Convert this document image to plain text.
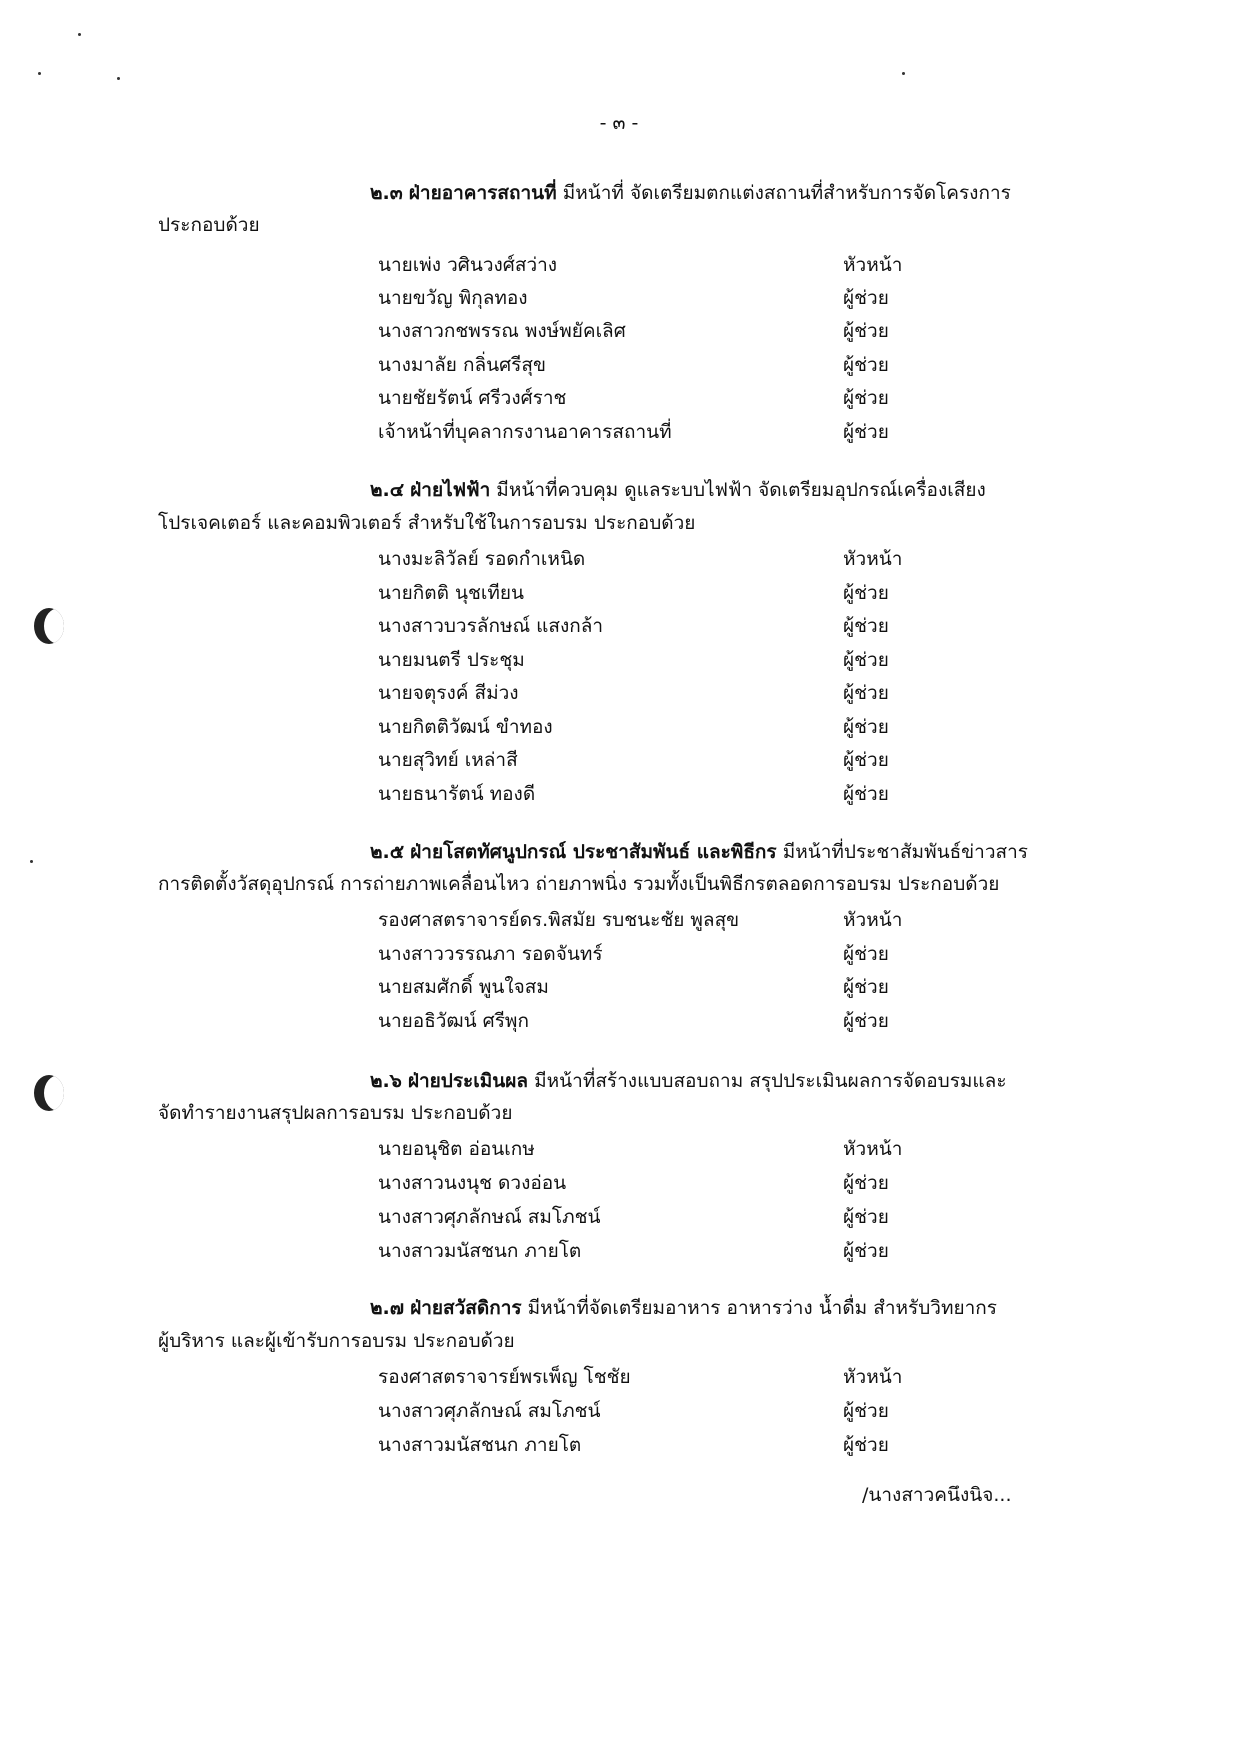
- ๓ -
๒.๓ ฝ่ายอาคารสถานที่ มีหน้าที่ จัดเตรียมตกแต่งสถานที่สำหรับการจัดโครงการ
ประกอบด้วย
นายเพ่ง วศินวงศ์สว่าง	หัวหน้า
นายขวัญ พิกุลทอง	ผู้ช่วย
นางสาวกชพรรณ พงษ์พยัคเลิศ	ผู้ช่วย
นางมาลัย กลิ่นศรีสุข	ผู้ช่วย
นายชัยรัตน์ ศรีวงศ์ราช	ผู้ช่วย
เจ้าหน้าที่บุคลากรงานอาคารสถานที่	ผู้ช่วย
๒.๔ ฝ่ายไฟฟ้า มีหน้าที่ควบคุม ดูแลระบบไฟฟ้า จัดเตรียมอุปกรณ์เครื่องเสียง
โปรเจคเตอร์ และคอมพิวเตอร์ สำหรับใช้ในการอบรม ประกอบด้วย
นางมะลิวัลย์ รอดกำเหนิด	หัวหน้า
นายกิตติ นุชเทียน	ผู้ช่วย
นางสาวบวรลักษณ์ แสงกล้า	ผู้ช่วย
นายมนตรี ประชุม	ผู้ช่วย
นายจตุรงค์ สีม่วง	ผู้ช่วย
นายกิตติวัฒน์ ขำทอง	ผู้ช่วย
นายสุวิทย์ เหล่าสี	ผู้ช่วย
นายธนารัตน์ ทองดี	ผู้ช่วย
๒.๕ ฝ่ายโสตทัศนูปกรณ์ ประชาสัมพันธ์ และพิธีกร มีหน้าที่ประชาสัมพันธ์ข่าวสาร
การติดตั้งวัสดุอุปกรณ์ การถ่ายภาพเคลื่อนไหว ถ่ายภาพนิ่ง รวมทั้งเป็นพิธีกรตลอดการอบรม ประกอบด้วย
รองศาสตราจารย์ดร.พิสมัย รบชนะชัย พูลสุข	หัวหน้า
นางสาววรรณภา รอดจันทร์	ผู้ช่วย
นายสมศักดิ์ พูนใจสม	ผู้ช่วย
นายอธิวัฒน์ ศรีพุก	ผู้ช่วย
๒.๖ ฝ่ายประเมินผล มีหน้าที่สร้างแบบสอบถาม สรุปประเมินผลการจัดอบรมและ
จัดทำรายงานสรุปผลการอบรม ประกอบด้วย
นายอนุชิต อ่อนเกษ	หัวหน้า
นางสาวนงนุช ดวงอ่อน	ผู้ช่วย
นางสาวศุภลักษณ์ สมโภชน์	ผู้ช่วย
นางสาวมนัสชนก ภายโต	ผู้ช่วย
๒.๗ ฝ่ายสวัสดิการ มีหน้าที่จัดเตรียมอาหาร อาหารว่าง น้ำดื่ม สำหรับวิทยากร
ผู้บริหาร และผู้เข้ารับการอบรม ประกอบด้วย
รองศาสตราจารย์พรเพ็ญ โชชัย	หัวหน้า
นางสาวศุภลักษณ์ สมโภชน์	ผู้ช่วย
นางสาวมนัสชนก ภายโต	ผู้ช่วย
/นางสาวคนึงนิจ...
